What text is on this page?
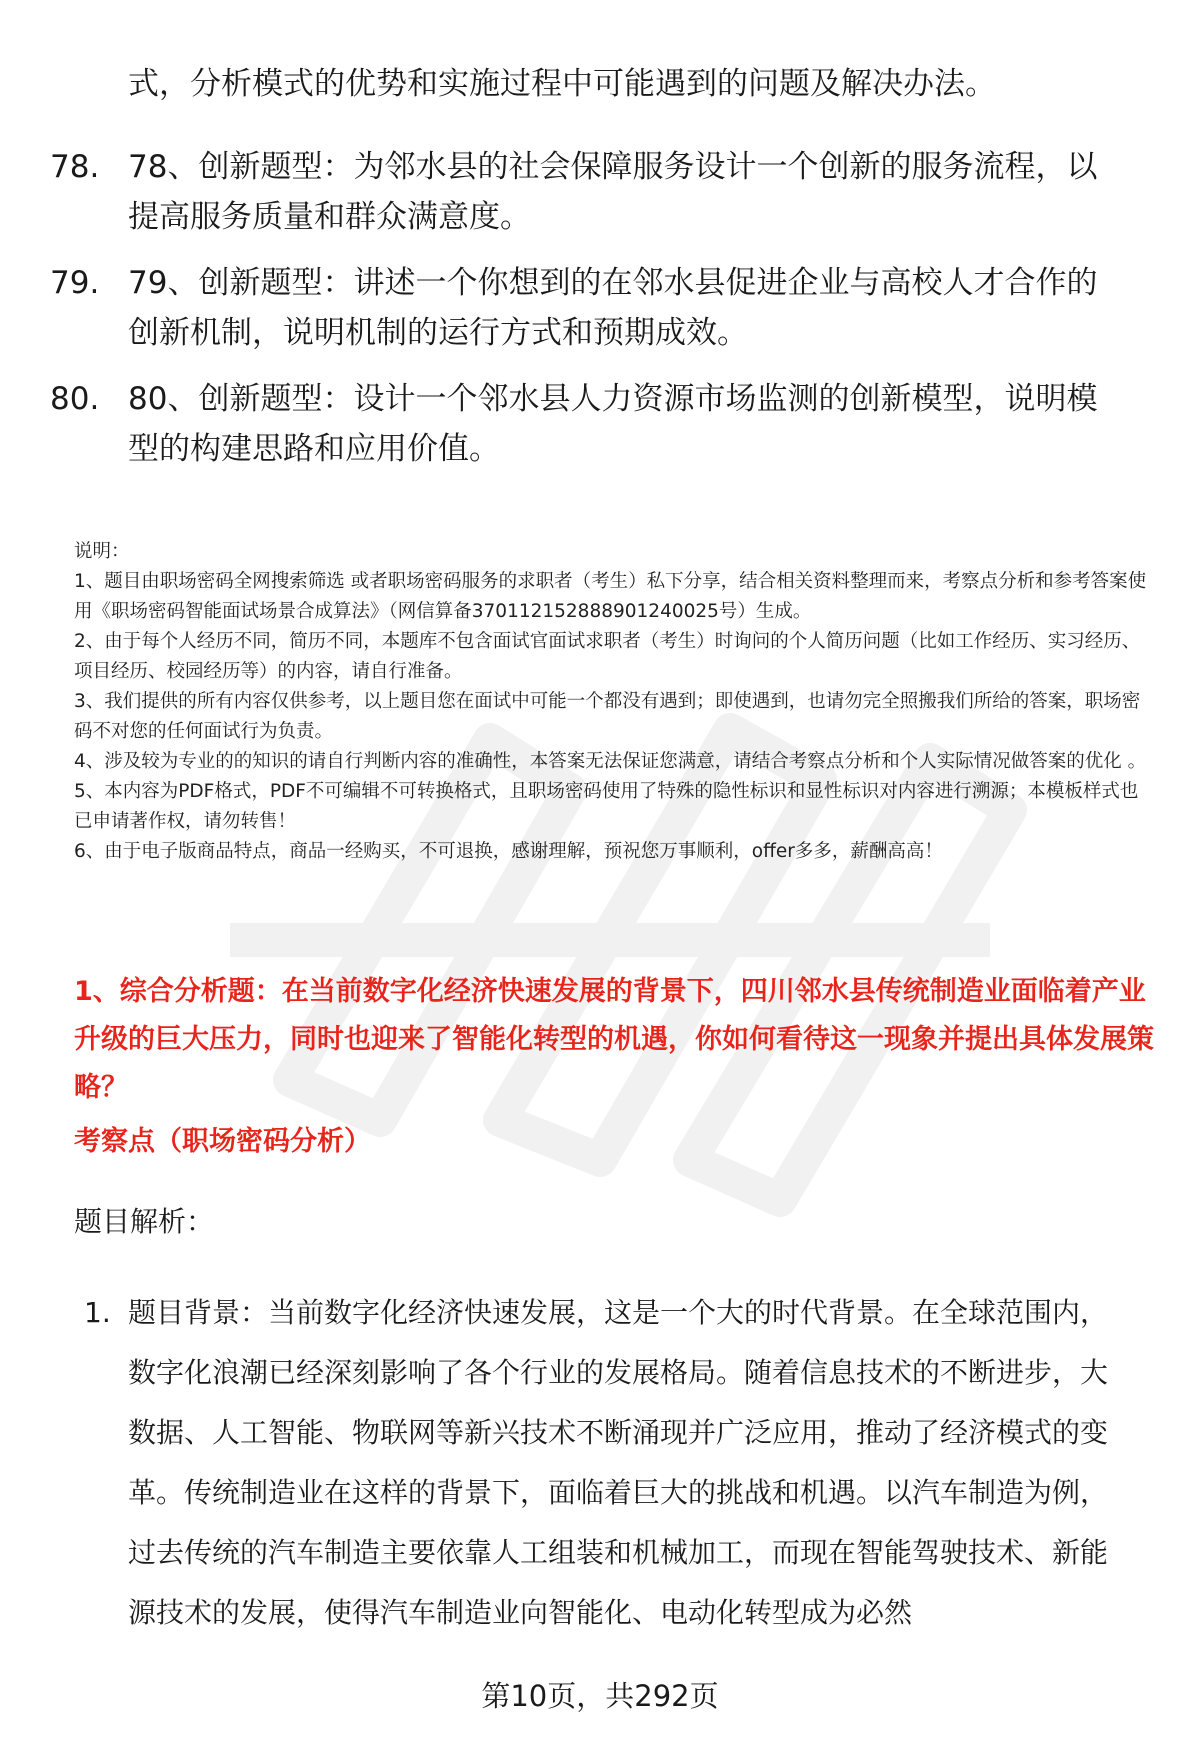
式，分析模式的优势和实施过程中可能遇到的问题及解决办法。
78. 78、创新题型：为邻水县的社会保障服务设计一个创新的服务流程，以提高服务质量和群众满意度。
79. 79、创新题型：讲述一个你想到的在邻水县促进企业与高校人才合作的创新机制，说明机制的运行方式和预期成效。
80. 80、创新题型：设计一个邻水县人力资源市场监测的创新模型，说明模型的构建思路和应用价值。

说明：

1、题目由职场密码全网搜索筛选 或者职场密码服务的求职者（考生）私下分享，结合相关资料整理而来，考察点分析和参考答案使用《职场密码智能面试场景合成算法》（网信算备370112152888901240025号）生成。

2、由于每个人经历不同，简历不同，本题库不包含面试官面试求职者（考生）时询问的个人简历问题（比如工作经历、实习经历、项目经历、校园经历等）的内容，请自行准备。

3、我们提供的所有内容仅供参考，以上题目您在面试中可能一个都没有遇到；即使遇到，也请勿完全照搬我们所给的答案，职场密码不对您的任何面试行为负责。

4、涉及较为专业的的知识的请自行判断内容的准确性，本答案无法保证您满意，请结合考察点分析和个人实际情况做答案的优化 。

5、本内容为PDF格式，PDF不可编辑不可转换格式，且职场密码使用了特殊的隐性标识和显性标识对内容进行溯源；本模板样式也已申请著作权，请勿转售！

6、由于电子版商品特点，商品一经购买，不可退换，感谢理解，预祝您万事顺利，offer多多，薪酬高高！

1、综合分析题：在当前数字化经济快速发展的背景下，四川邻水县传统制造业面临着产业升级的巨大压力，同时也迎来了智能化转型的机遇，你如何看待这一现象并提出具体发展策略？
考察点（职场密码分析）
题目解析：
1. 题目背景：当前数字化经济快速发展，这是一个大的时代背景。在全球范围内，数字化浪潮已经深刻影响了各个行业的发展格局。随着信息技术的不断进步，大数据、人工智能、物联网等新兴技术不断涌现并广泛应用，推动了经济模式的变革。传统制造业在这样的背景下，面临着巨大的挑战和机遇。以汽车制造为例，过去传统的汽车制造主要依靠人工组装和机械加工，而现在智能驾驶技术、新能源技术的发展，使得汽车制造业向智能化、电动化转型成为必然
第10页，共292页
